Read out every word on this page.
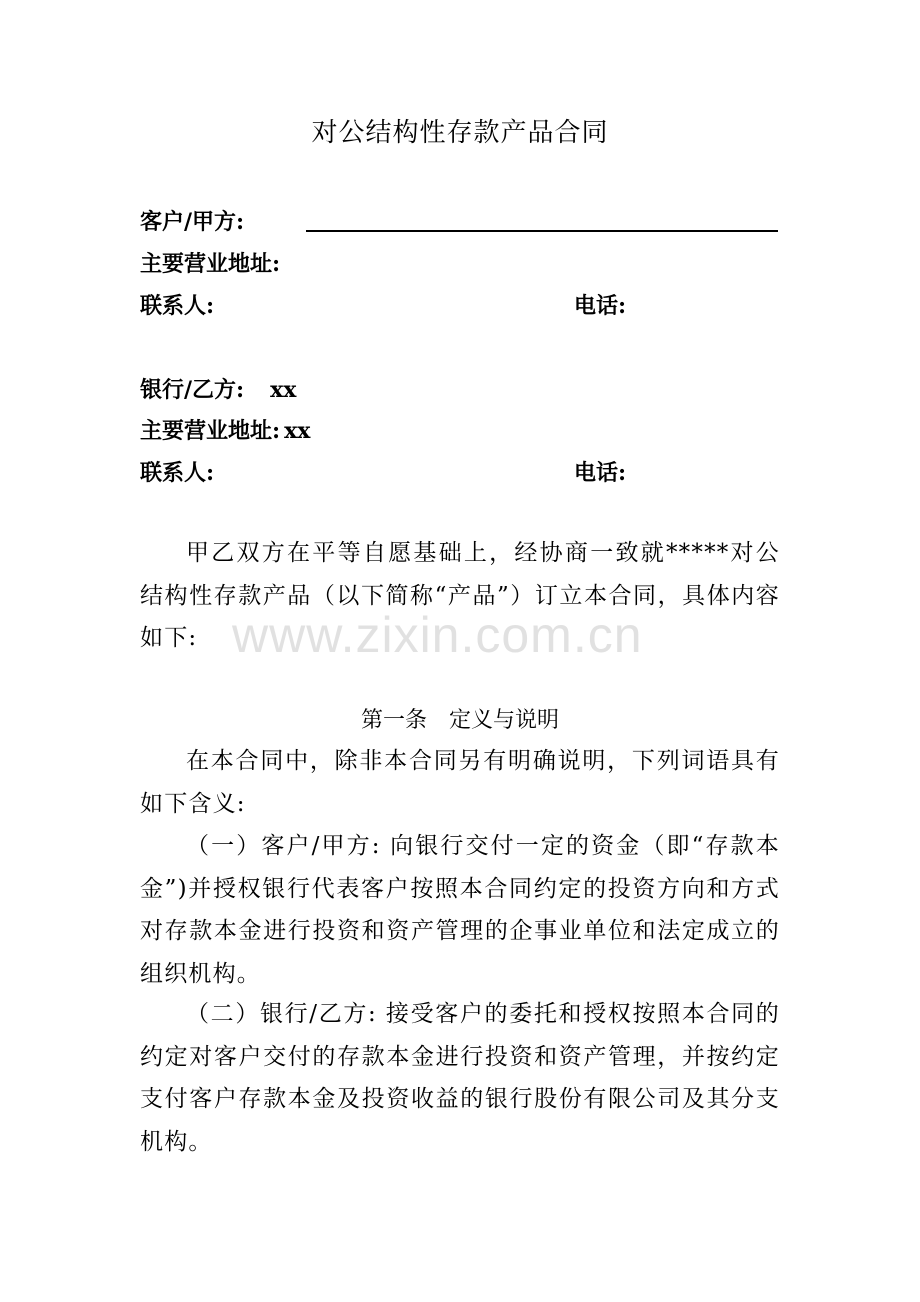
对公结构性存款产品合同
客户/甲方:
主要营业地址:
联系人:	电话:
银行/乙方: xx
主要营业地址: xx
联系人:	电话:
甲乙双方在平等自愿基础上，经协商一致就*****对公结构性存款产品（以下简称“产品”）订立本合同，具体内容如下: www.zixin.com.cn
第一条 定义与说明
在本合同中，除非本合同另有明确说明，下列词语具有如下含义:
（一）客户/甲方: 向银行交付一定的资金（即“存款本金”)并授权银行代表客户按照本合同约定的投资方向和方式对存款本金进行投资和资产管理的企事业单位和法定成立的组织机构。
（二）银行/乙方: 接受客户的委托和授权按照本合同的约定对客户交付的存款本金进行投资和资产管理，并按约定支付客户存款本金及投资收益的银行股份有限公司及其分支机构。
